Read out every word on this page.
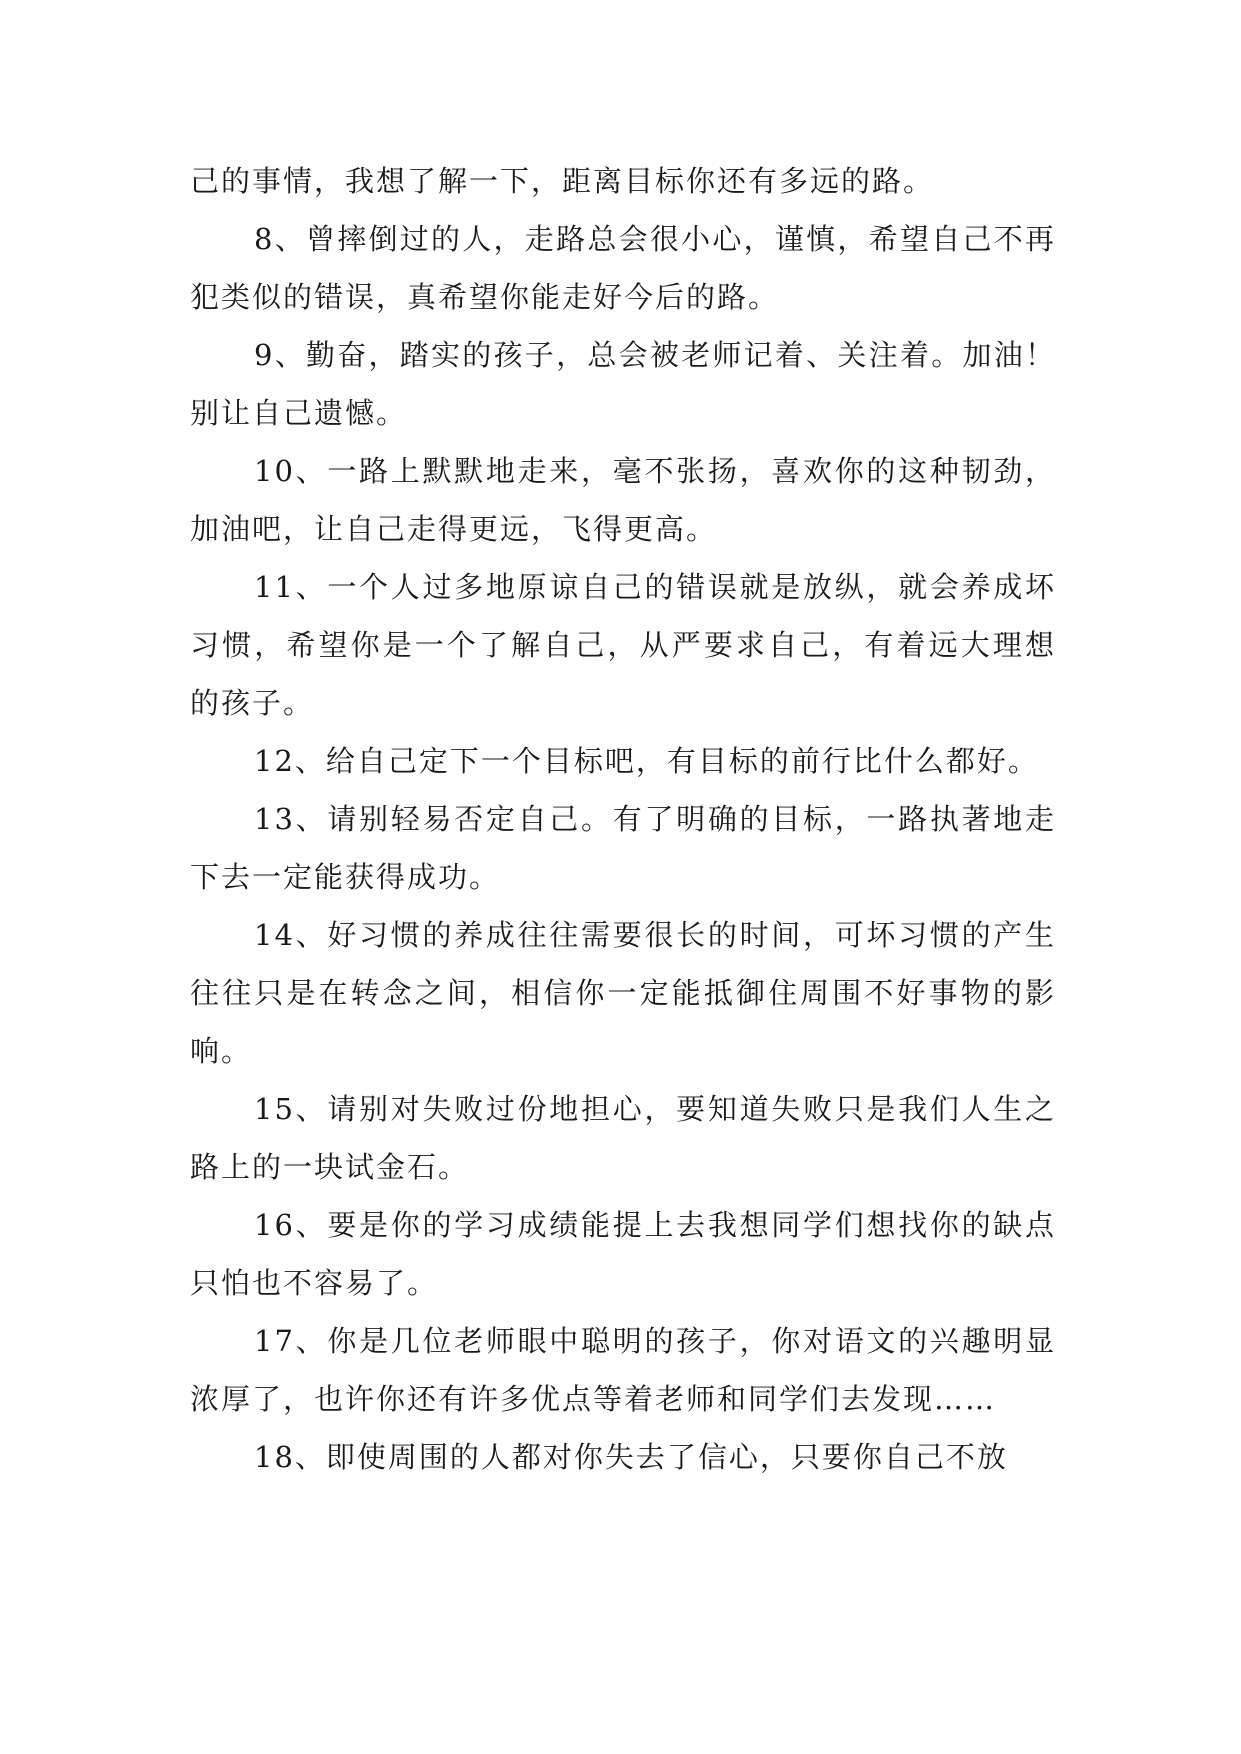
己的事情，我想了解一下，距离目标你还有多远的路。

8、曾摔倒过的人，走路总会很小心，谨慎，希望自己不再犯类似的错误，真希望你能走好今后的路。

9、勤奋，踏实的孩子，总会被老师记着、关注着。加油！别让自己遗憾。

10、一路上默默地走来，毫不张扬，喜欢你的这种韧劲，加油吧，让自己走得更远，飞得更高。

11、一个人过多地原谅自己的错误就是放纵，就会养成坏习惯，希望你是一个了解自己，从严要求自己，有着远大理想的孩子。

12、给自己定下一个目标吧，有目标的前行比什么都好。

13、请别轻易否定自己。有了明确的目标，一路执著地走下去一定能获得成功。

14、好习惯的养成往往需要很长的时间，可坏习惯的产生往往只是在转念之间，相信你一定能抵御住周围不好事物的影响。

15、请别对失败过份地担心，要知道失败只是我们人生之路上的一块试金石。

16、要是你的学习成绩能提上去我想同学们想找你的缺点只怕也不容易了。

17、你是几位老师眼中聪明的孩子，你对语文的兴趣明显浓厚了，也许你还有许多优点等着老师和同学们去发现……

18、即使周围的人都对你失去了信心，只要你自己不放
